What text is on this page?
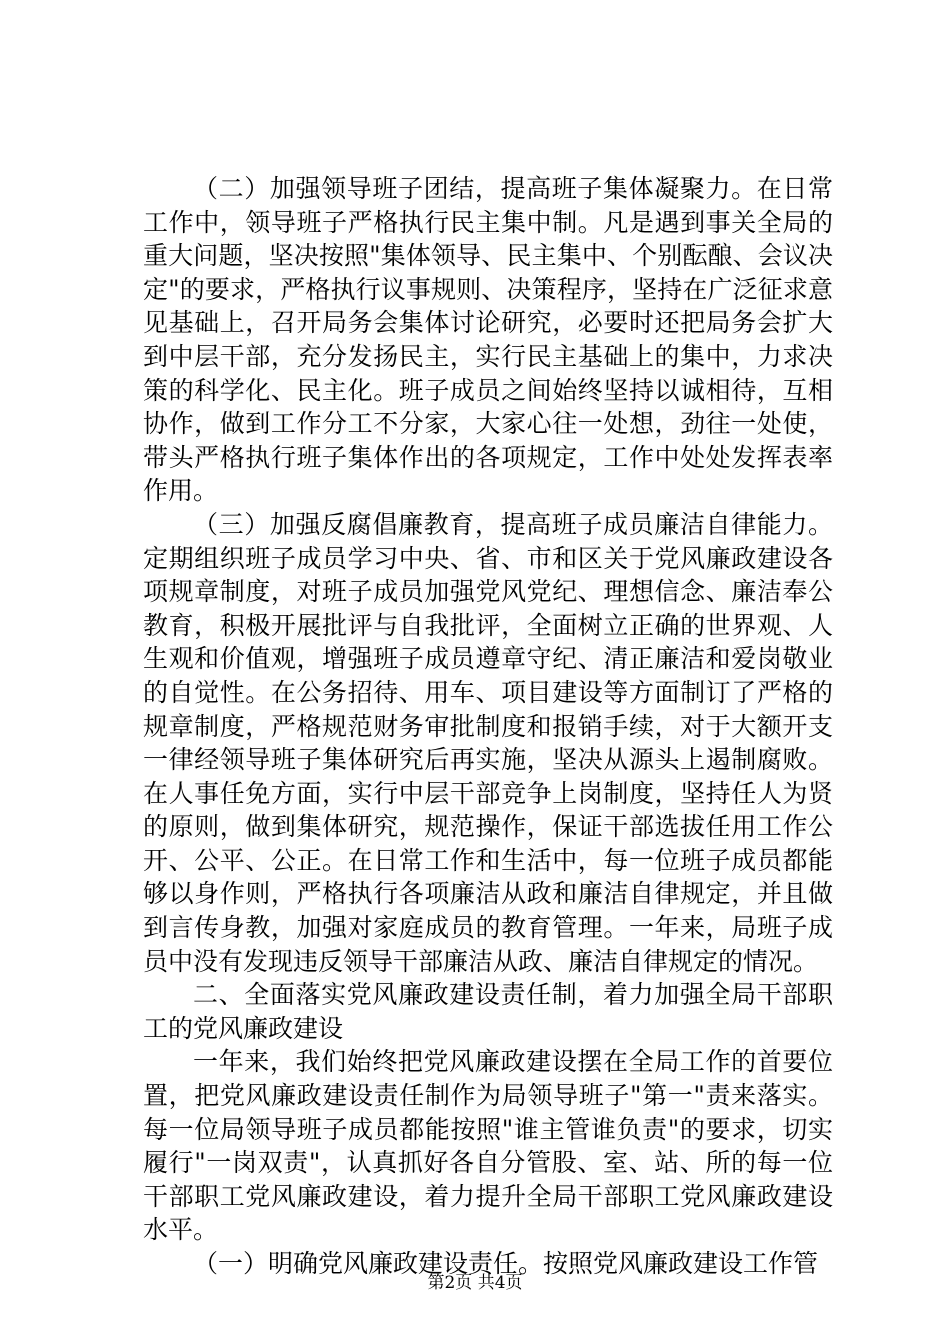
（二）加强领导班子团结，提高班子集体凝聚力。在日常工作中，领导班子严格执行民主集中制。凡是遇到事关全局的重大问题，坚决按照"集体领导、民主集中、个别酝酿、会议决定"的要求，严格执行议事规则、决策程序，坚持在广泛征求意见基础上，召开局务会集体讨论研究，必要时还把局务会扩大到中层干部，充分发扬民主，实行民主基础上的集中，力求决策的科学化、民主化。班子成员之间始终坚持以诚相待，互相协作，做到工作分工不分家，大家心往一处想，劲往一处使，带头严格执行班子集体作出的各项规定，工作中处处发挥表率作用。

（三）加强反腐倡廉教育，提高班子成员廉洁自律能力。定期组织班子成员学习中央、省、市和区关于党风廉政建设各项规章制度，对班子成员加强党风党纪、理想信念、廉洁奉公教育，积极开展批评与自我批评，全面树立正确的世界观、人生观和价值观，增强班子成员遵章守纪、清正廉洁和爱岗敬业的自觉性。在公务招待、用车、项目建设等方面制订了严格的规章制度，严格规范财务审批制度和报销手续，对于大额开支一律经领导班子集体研究后再实施，坚决从源头上遏制腐败。在人事任免方面，实行中层干部竞争上岗制度，坚持任人为贤的原则，做到集体研究，规范操作，保证干部选拔任用工作公开、公平、公正。在日常工作和生活中，每一位班子成员都能够以身作则，严格执行各项廉洁从政和廉洁自律规定，并且做到言传身教，加强对家庭成员的教育管理。一年来，局班子成员中没有发现违反领导干部廉洁从政、廉洁自律规定的情况。

二、全面落实党风廉政建设责任制，着力加强全局干部职工的党风廉政建设

一年来，我们始终把党风廉政建设摆在全局工作的首要位置，把党风廉政建设责任制作为局领导班子"第一"责来落实。每一位局领导班子成员都能按照"谁主管谁负责"的要求，切实履行"一岗双责"，认真抓好各自分管股、室、站、所的每一位干部职工党风廉政建设，着力提升全局干部职工党风廉政建设水平。

（一）明确党风廉政建设责任。按照党风廉政建设工作管

第2页 共4页
